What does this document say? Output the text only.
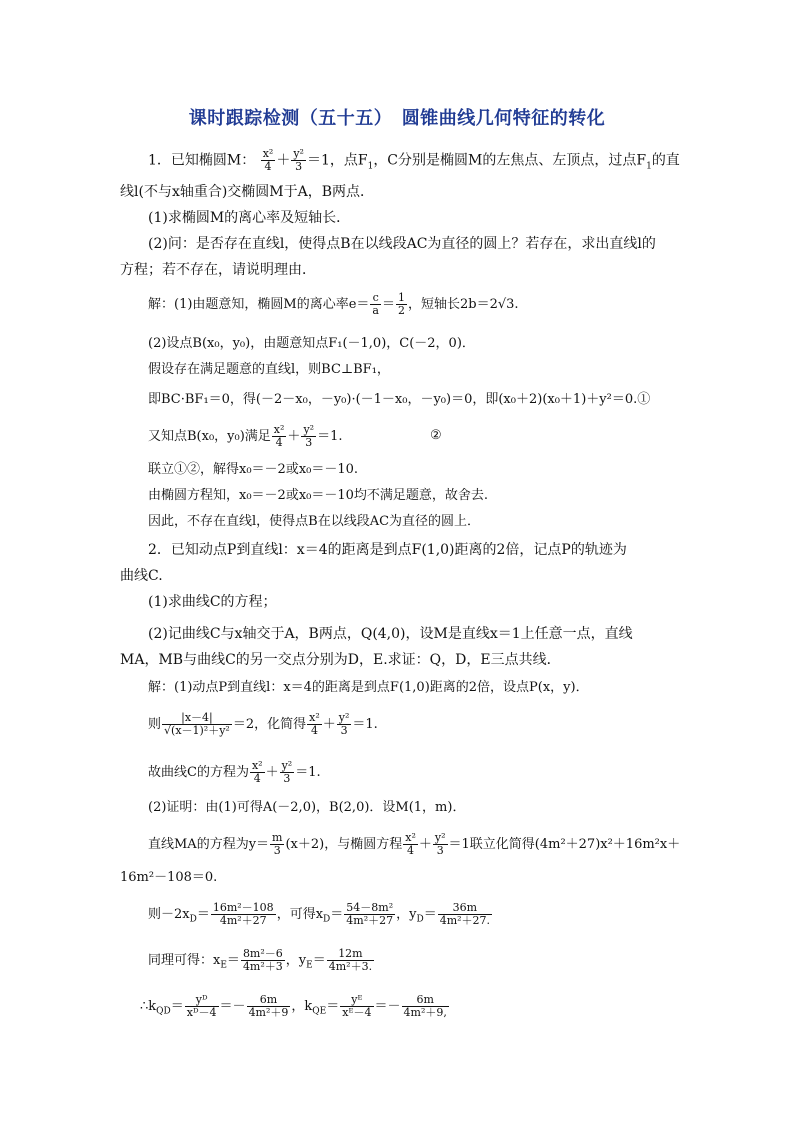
课时跟踪检测（五十五）　圆锥曲线几何特征的转化
1．已知椭圆M： $\frac{\text{x²}}{4} + \frac{\text{y²}}{3} =1$，点$F_1$，C分别是椭圆M的左焦点、左顶点，过点$F_1$的直
线l(不与x轴重合)交椭圆M于A，B两点．
(1)求椭圆M的离心率及短轴长．
(2)问：是否存在直线l，使得点B在以线段AC为直径的圆上？若存在，求出直线l的
方程；若不存在，请说明理由．
解：(1)由题意知，椭圆M的离心率$e= \frac{c}{a} = \frac{1}{2}$ ，短轴长2b＝2√3.
(2)设点B(x₀，y₀)，由题意知点F₁(－1,0)，C(－2，0)．
假设存在满足题意的直线l，则BC⊥BF₁，
即BC·BF₁＝0，得(－2－x₀，－y₀)·(－1－x₀，－y₀)＝0，即(x₀＋2)(x₀＋1)＋y²＝0.①
又知点B(x₀，y₀)满足 $\frac{\text{x²}}{4} + \frac{\text{y²}}{3} =1$.	②
联立①②，解得x₀＝－2或x₀＝－10.
由椭圆方程知，x₀＝－2或x₀＝－10均不满足题意，故舍去.
因此，不存在直线l，使得点B在以线段AC为直径的圆上．
2．已知动点P到直线l：x＝4的距离是到点F(1,0)距离的2倍，记点P的轨迹为
曲线C.
(1)求曲线C的方程；
(2)记曲线C与x轴交于A，B两点，Q(4,0)，设M是直线x＝1上任意一点，直线
MA，MB与曲线C的另一交点分别为D，E.求证：Q，D，E三点共线．
解：(1)动点P到直线l：x＝4的距离是到点F(1,0)距离的2倍，设点P(x，y)．
则 $\frac{|x-4|}{\text{√(x－1)²＋y²}} =2$，化简得 $\frac{\text{x²}}{4} + \frac{\text{y²}}{3} =1$.
故曲线C的方程为 $\frac{\text{x²}}{4} + \frac{\text{y²}}{3} =1$.
(2)证明：由(1)可得A(－2,0)，B(2,0)．设M(1，m)．
直线MA的方程为$y= \frac{m}{3} (x+2)$，与椭圆方程 $\frac{\text{x²}}{4} + \frac{\text{y²}}{3} =1$联立化简得(4m²＋27)x²＋16m²x＋
16m²－108＝0.
则$-2x_D= \frac{\text{16m²－108}}{\text{4m²＋27}}$ ，可得$x_D= \frac{\text{54－8m²}}{\text{4m²＋27}}$ ，$y_D= \frac{36m}{\text{4m²＋27.}}$
同理可得：$x_E= \frac{\text{8m²－6}}{\text{4m²＋3}}$ ，$y_E= \frac{12m}{\text{4m²＋3.}}$
$\therefore k_{QD}= \frac{\text{yᴰ}}{\text{xᴰ－4}} =- \frac{6m}{\text{4m²＋9}}$ ，$k_{QE}= \frac{\text{yᴱ}}{\text{xᴱ－4}} =- \frac{6m}{\text{4m²＋9,}}$
